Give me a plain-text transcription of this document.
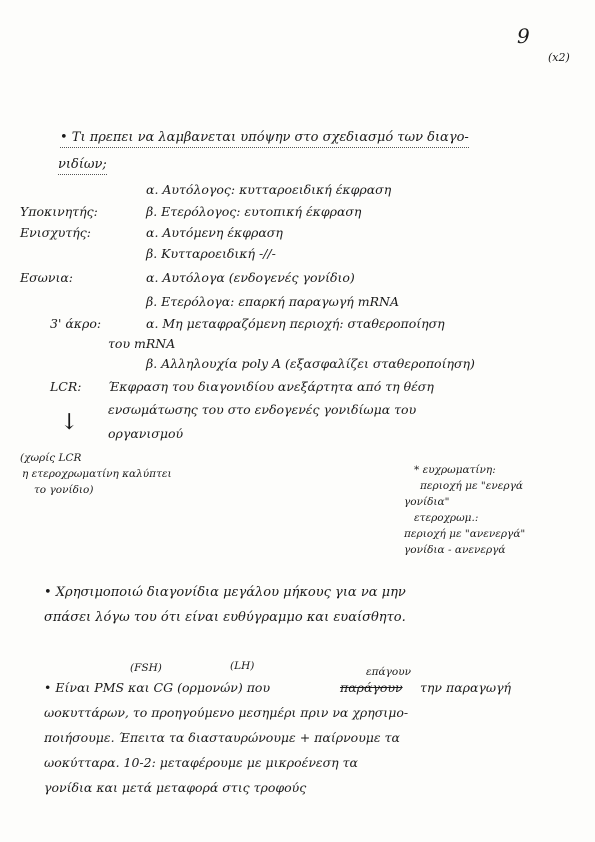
9
(x2)
• Τι πρεπει να λαμβανεται υπόψην στο σχεδιασμό των διαγο-
νιδίων;
α. Αυτόλογος: κυτταροειδική έκφραση
Υποκινητής:	β. Ετερόλογος: ευτοπική έκφραση
Ενισχυτής:	α. Αυτόμενη έκφραση
β. Κυτταροειδική -//-
Εσωνια:	α. Αυτόλογα (ενδογενές γονίδιο)
β. Ετερόλογα: επαρκή παραγωγή mRNA
3' άκρο:	α. Μη μεταφραζόμενη περιοχή: σταθεροποίηση
του mRNA
β. Αλληλουχία poly A (εξασφαλίζει σταθεροποίηση)
LCR: Έκφραση του διαγονιδίου ανεξάρτητα από τη θέση
ενσωμάτωσης του στο ενδογενές γονιδίωμα του
οργανισμού
↓
(χωρίς LCR
η ετεροχρωματίνη καλύπτει
το γονίδιο)
* ευχρωματίνη:
περιοχή με "ενεργά
γονίδια"
ετεροχρωμ.:
περιοχή με "ανενεργά"
γονίδια - ανενεργά
• Χρησιμοποιώ διαγονίδια μεγάλου μήκους για να μην
σπάσει λόγω του ότι είναι ευθύγραμμο και ευαίσθητο.
(FSH)	(LH)	επάγουν
• Είναι PMS και CG (ορμονών) που	παράγουν την παραγωγή
ωοκυττάρων, το προηγούμενο μεσημέρι πριν να χρησιμο-
ποιήσουμε. Έπειτα τα διασταυρώνουμε + παίρνουμε τα
ωοκύτταρα. 10-2: μεταφέρουμε με μικροένεση τα
γονίδια και μετά μεταφορά στις τροφούς
